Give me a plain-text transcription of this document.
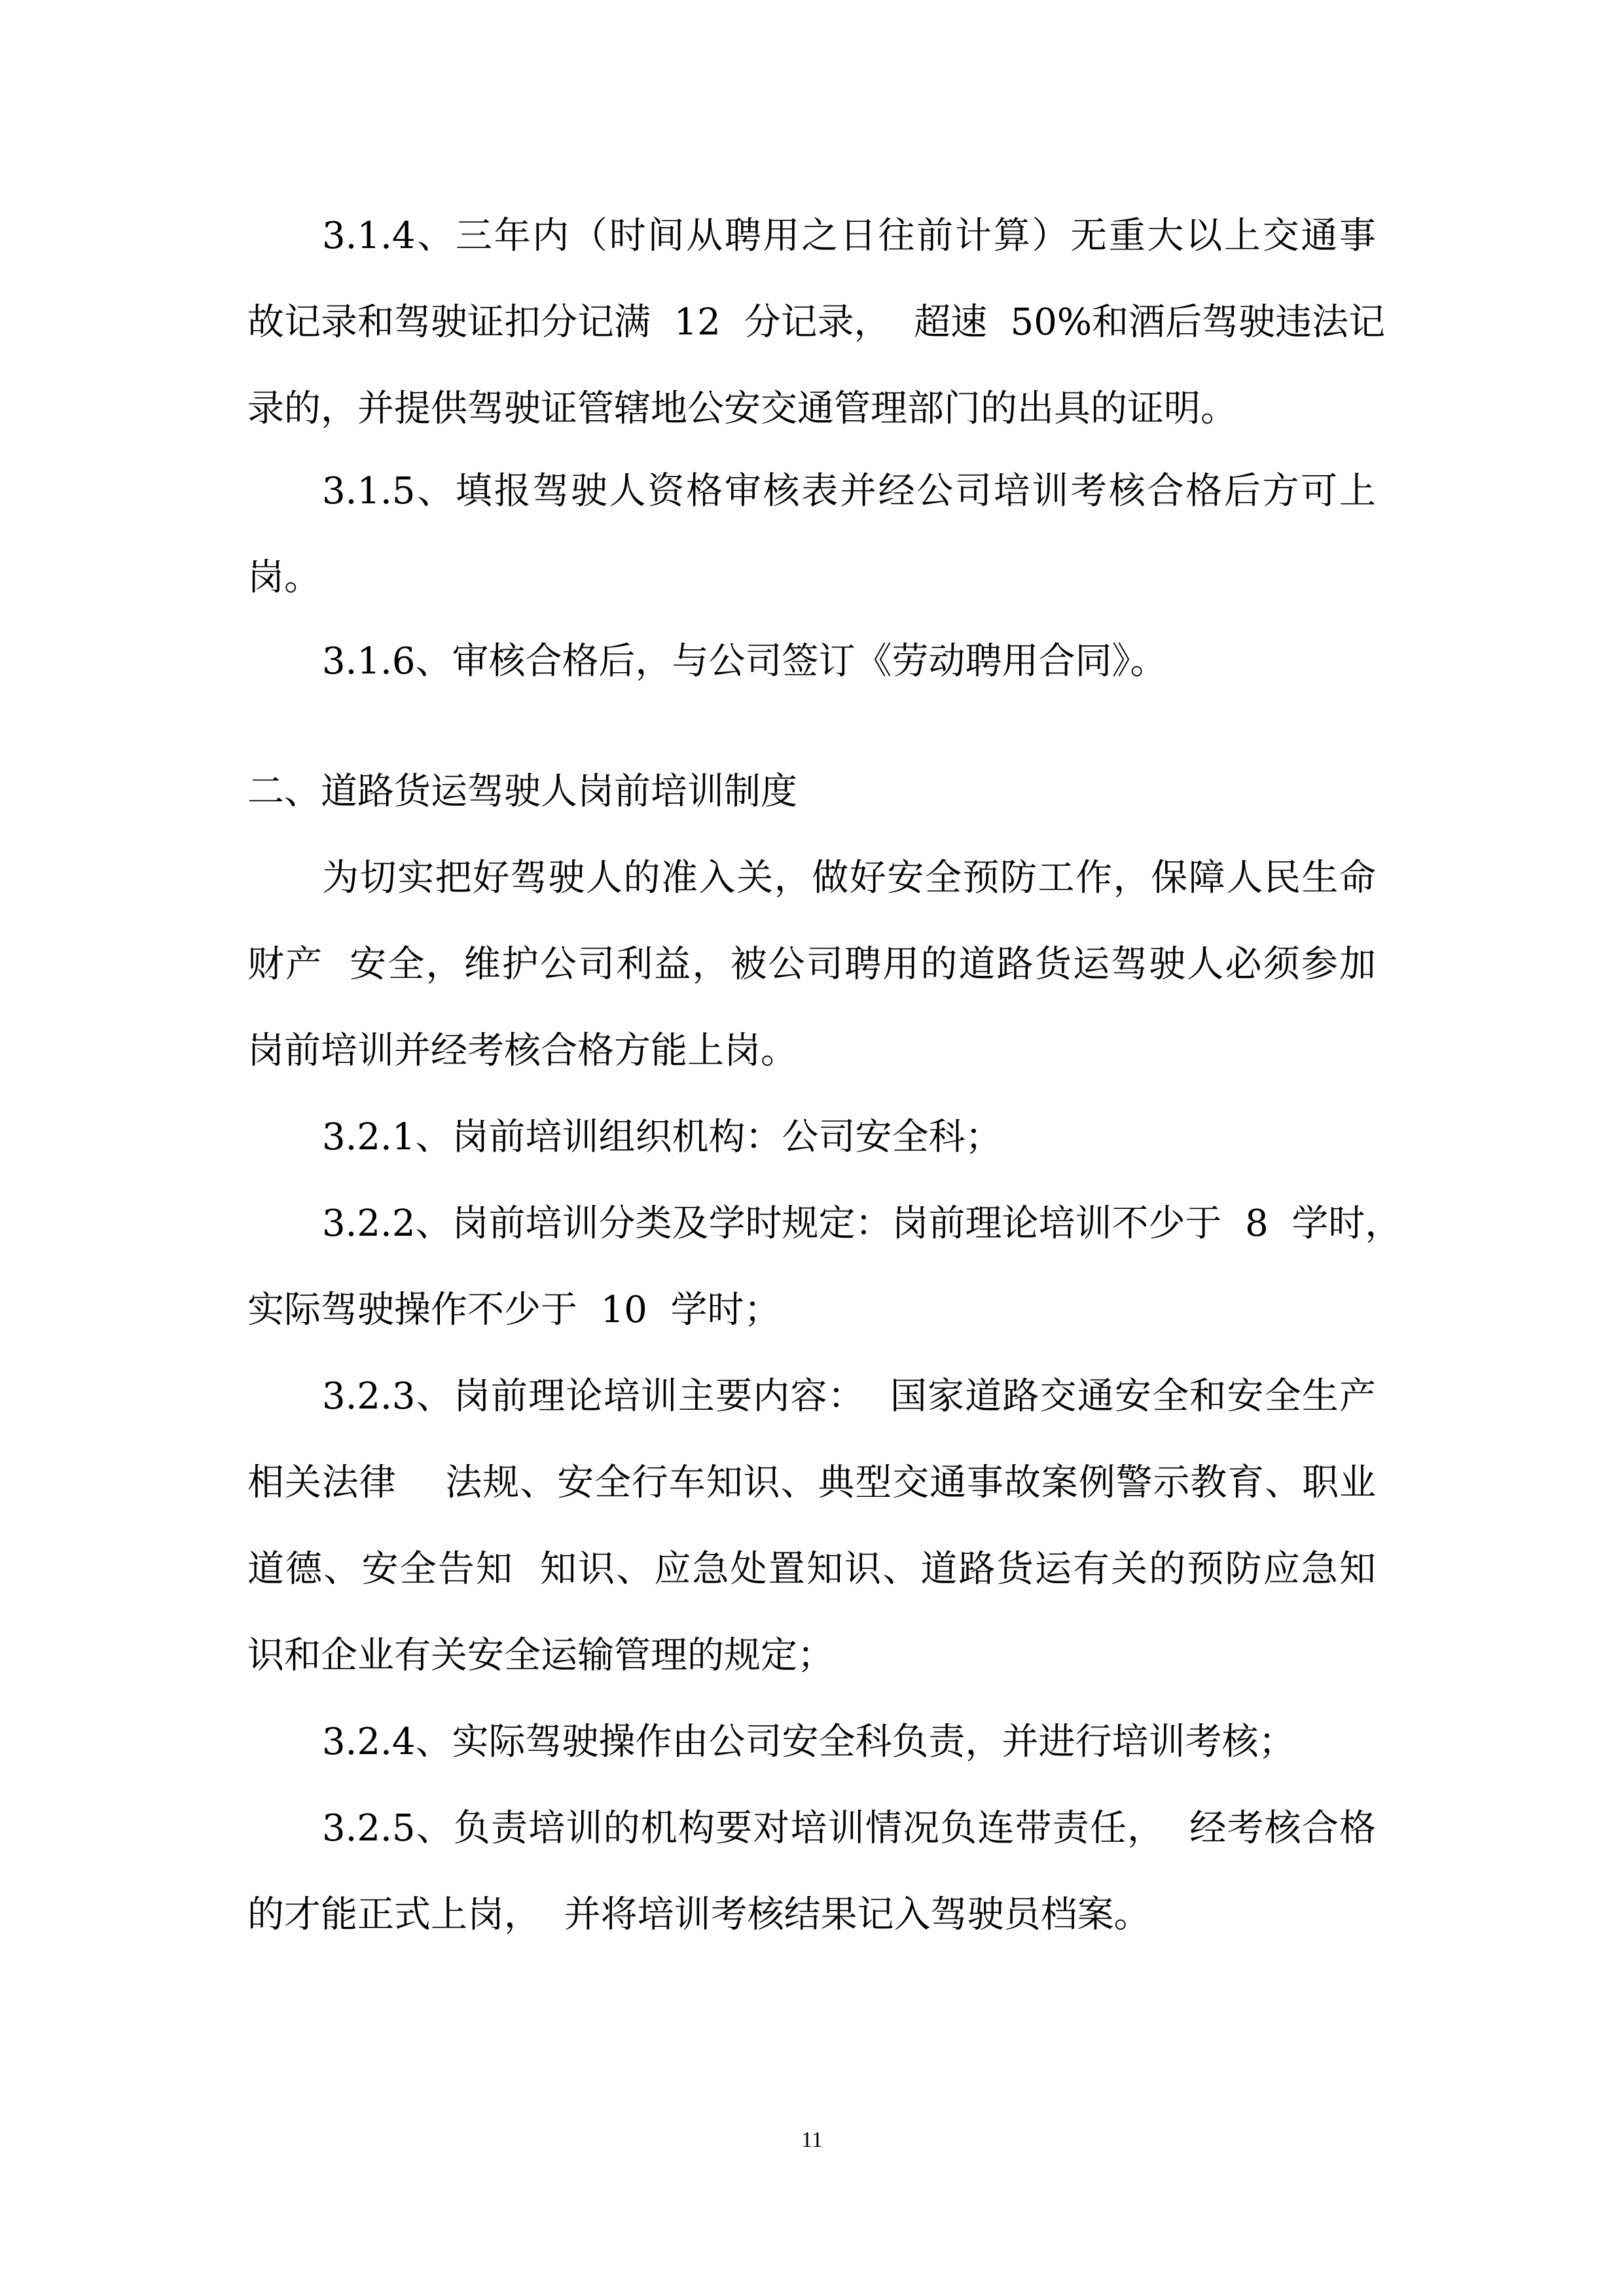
3.1.4、三年内（时间从聘用之日往前计算）无重大以上交通事
故记录和驾驶证扣分记满  12  分记录，  超速  50%和酒后驾驶违法记
录的，并提供驾驶证管辖地公安交通管理部门的出具的证明。
3.1.5、填报驾驶人资格审核表并经公司培训考核合格后方可上
岗。
3.1.6、审核合格后，与公司签订《劳动聘用合同》。
二、道路货运驾驶人岗前培训制度
为切实把好驾驶人的准入关，做好安全预防工作，保障人民生命
财产  安全，维护公司利益，被公司聘用的道路货运驾驶人必须参加
岗前培训并经考核合格方能上岗。
3.2.1、岗前培训组织机构：公司安全科；
3.2.2、岗前培训分类及学时规定：岗前理论培训不少于  8  学时，
实际驾驶操作不少于  10  学时；
3.2.3、岗前理论培训主要内容：  国家道路交通安全和安全生产
相关法律    法规、安全行车知识、典型交通事故案例警示教育、职业
道德、安全告知  知识、应急处置知识、道路货运有关的预防应急知
识和企业有关安全运输管理的规定；
3.2.4、实际驾驶操作由公司安全科负责，并进行培训考核；
3.2.5、负责培训的机构要对培训情况负连带责任，  经考核合格
的才能正式上岗，  并将培训考核结果记入驾驶员档案。
11
